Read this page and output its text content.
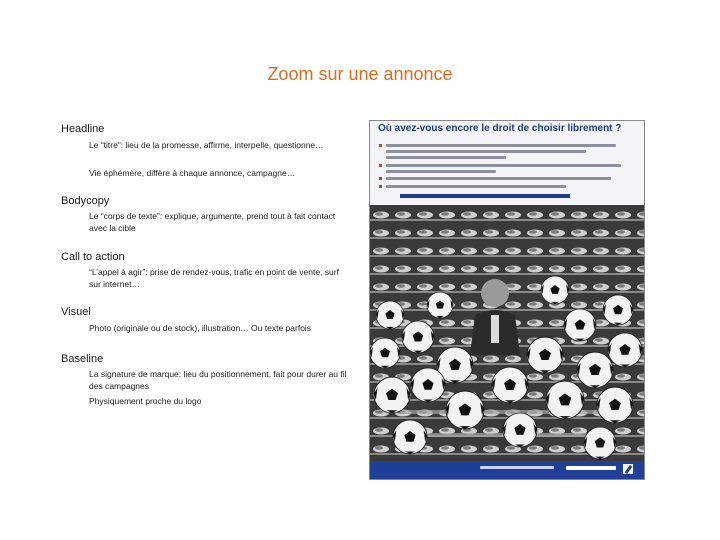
Zoom sur une annonce
Headline
Le “titre”: lieu de la promesse, affirme, interpelle, questionne…
Vie éphémère, diffère à chaque annonce, campagne…
Bodycopy
Le “corps de texte”: explique, argumente, prend tout à fait contact avec la cible
Call to action
“L’appel à agir”: prise de rendez-vous, trafic en point de vente, surf sur internet…
Visuel
Photo (originale ou de stock), illustration… Ou texte parfois
Baseline
La signature de marque: lieu du positionnement, fait pour durer au fil des campagnes
Physiquement proche du logo
Où avez-vous encore le droit de choisir librement ?
